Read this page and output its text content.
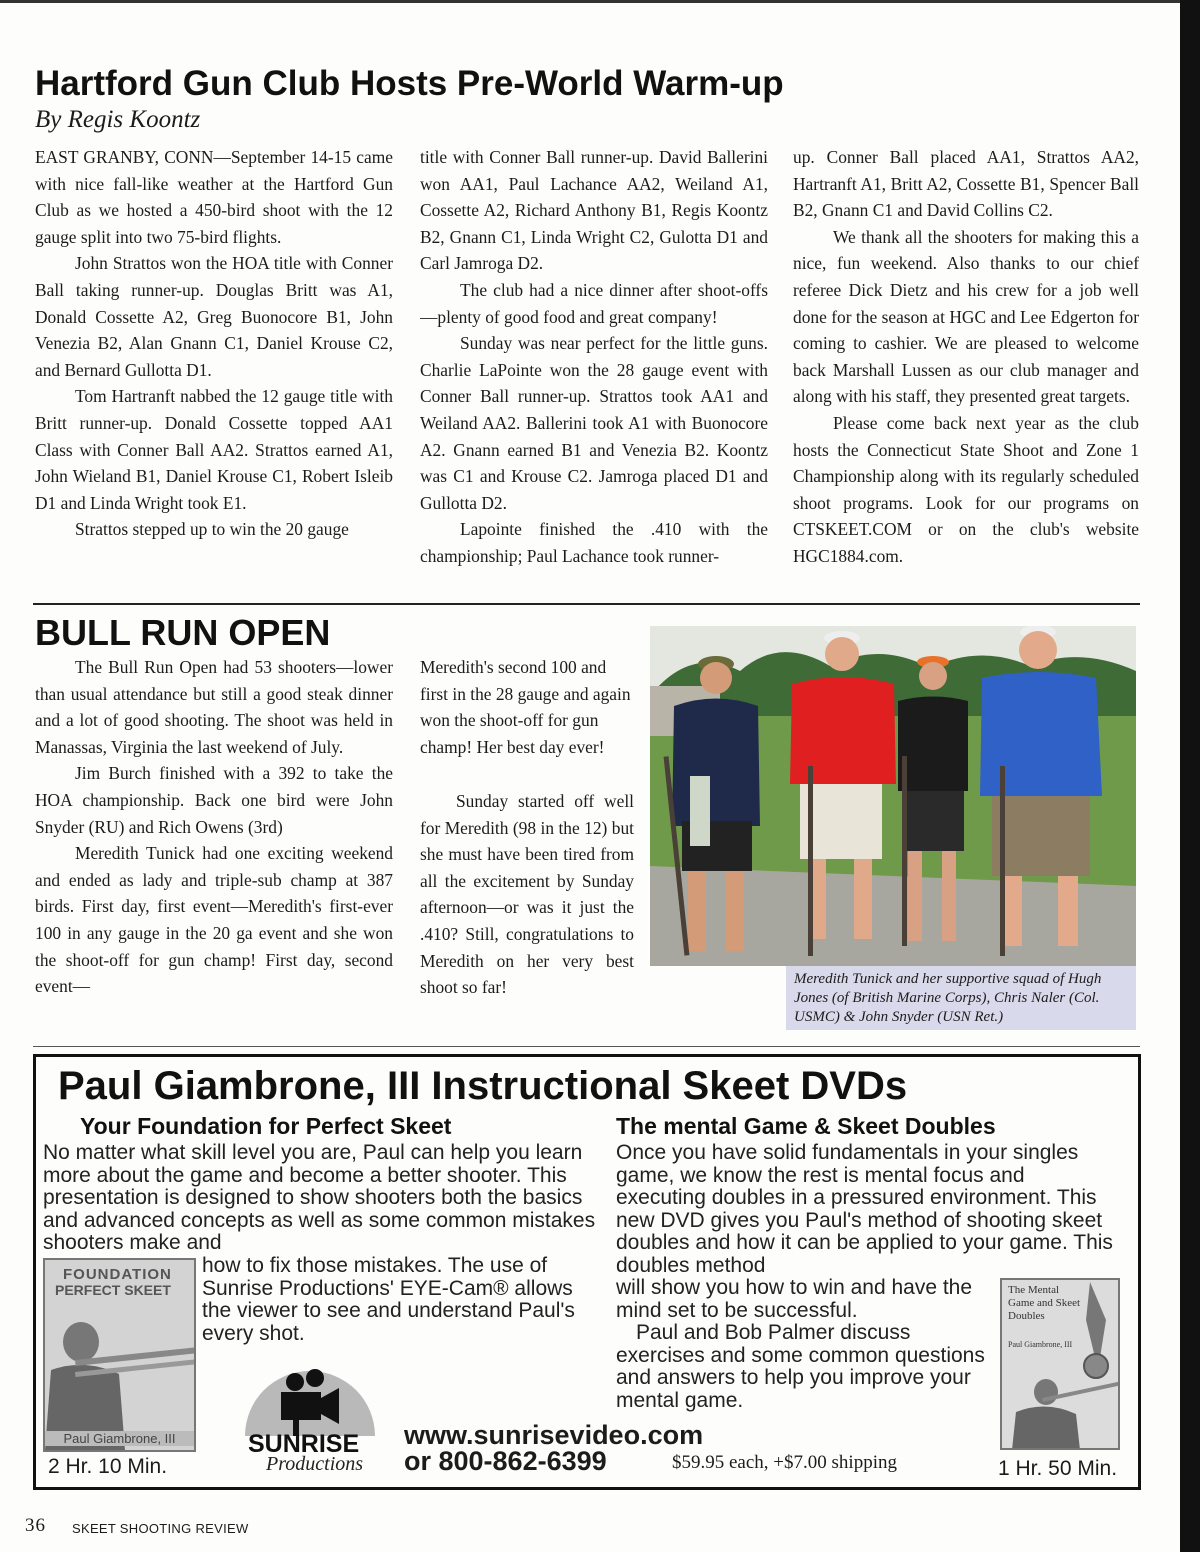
Hartford Gun Club Hosts Pre-World Warm-up
By Regis Koontz

EAST GRANBY, CONN—September 14-15 came with nice fall-like weather at the Hartford Gun Club as we hosted a 450-bird shoot with the 12 gauge split into two 75-bird flights.

John Strattos won the HOA title with Conner Ball taking runner-up. Douglas Britt was A1, Donald Cossette A2, Greg Buonocore B1, John Venezia B2, Alan Gnann C1, Daniel Krouse C2, and Bernard Gullotta D1.

Tom Hartranft nabbed the 12 gauge title with Britt runner-up. Donald Cossette topped AA1 Class with Conner Ball AA2. Strattos earned A1, John Wieland B1, Daniel Krouse C1, Robert Isleib D1 and Linda Wright took E1.

Strattos stepped up to win the 20 gauge

title with Conner Ball runner-up. David Ballerini won AA1, Paul Lachance AA2, Weiland A1, Cossette A2, Richard Anthony B1, Regis Koontz B2, Gnann C1, Linda Wright C2, Gulotta D1 and Carl Jamroga D2.

The club had a nice dinner after shoot-offs—plenty of good food and great company!

Sunday was near perfect for the little guns. Charlie LaPointe won the 28 gauge event with Conner Ball runner-up. Strattos took AA1 and Weiland AA2. Ballerini took A1 with Buonocore A2. Gnann earned B1 and Venezia B2. Koontz was C1 and Krouse C2. Jamroga placed D1 and Gullotta D2.

Lapointe finished the .410 with the championship; Paul Lachance took runner-

up. Conner Ball placed AA1, Strattos AA2, Hartranft A1, Britt A2, Cossette B1, Spencer Ball B2, Gnann C1 and David Collins C2.

We thank all the shooters for making this a nice, fun weekend. Also thanks to our chief referee Dick Dietz and his crew for a job well done for the season at HGC and Lee Edgerton for coming to cashier. We are pleased to welcome back Marshall Lussen as our club manager and along with his staff, they presented great targets.

Please come back next year as the club hosts the Connecticut State Shoot and Zone 1 Championship along with its regularly scheduled shoot programs. Look for our programs on CTSKEET.COM or on the club's website HGC1884.com.

BULL RUN OPEN

The Bull Run Open had 53 shooters—lower than usual attendance but still a good steak dinner and a lot of good shooting. The shoot was held in Manassas, Virginia the last weekend of July.

Jim Burch finished with a 392 to take the HOA championship. Back one bird were John Snyder (RU) and Rich Owens (3rd)

Meredith Tunick had one exciting weekend and ended as lady and triple-sub champ at 387 birds. First day, first event—Meredith's first-ever 100 in any gauge in the 20 ga event and she won the shoot-off for gun champ! First day, second event—

Meredith's second 100 and first in the 28 gauge and again won the shoot-off for gun champ! Her best day ever!

Sunday started off well for Meredith (98 in the 12) but she must have been tired from all the excitement by Sunday afternoon—or was it just the .410? Still, congratulations to Meredith on her very best shoot so far!	Meredith Tunick and her supportive squad of Hugh Jones (of British Marine Corps), Chris Naler (Col. USMC) & John Snyder (USN Ret.)
Paul Giambrone, III Instructional Skeet DVDs
Your Foundation for Perfect Skeet
No matter what skill level you are, Paul can help you learn more about the game and become a better shooter. This presentation is designed to show shooters both the basics and advanced concepts as well as some common mistakes shooters make and
how to fix those mistakes. The use of Sunrise Productions' EYE-Cam® allows the viewer to see and understand Paul's every shot.
FOUNDATION
PERFECT SKEET
Paul Giambrone, III
2 Hr. 10 Min.
The mental Game & Skeet Doubles
Once you have solid fundamentals in your singles game, we know the rest is mental focus and executing doubles in a pressured environment. This new DVD gives you Paul's method of shooting skeet doubles and how it can be applied to your game. This doubles method
will show you how to win and have the mind set to be successful.
Paul and Bob Palmer discuss exercises and some common questions and answers to help you improve your mental game.
The Mental Game and Skeet Doubles
Paul Giambrone, III
1 Hr. 50 Min.
SUNRISE
Productions
www.sunrisevideo.com
or 800-862-6399	$59.95 each, +$7.00 shipping
36 SKEET SHOOTING REVIEW
